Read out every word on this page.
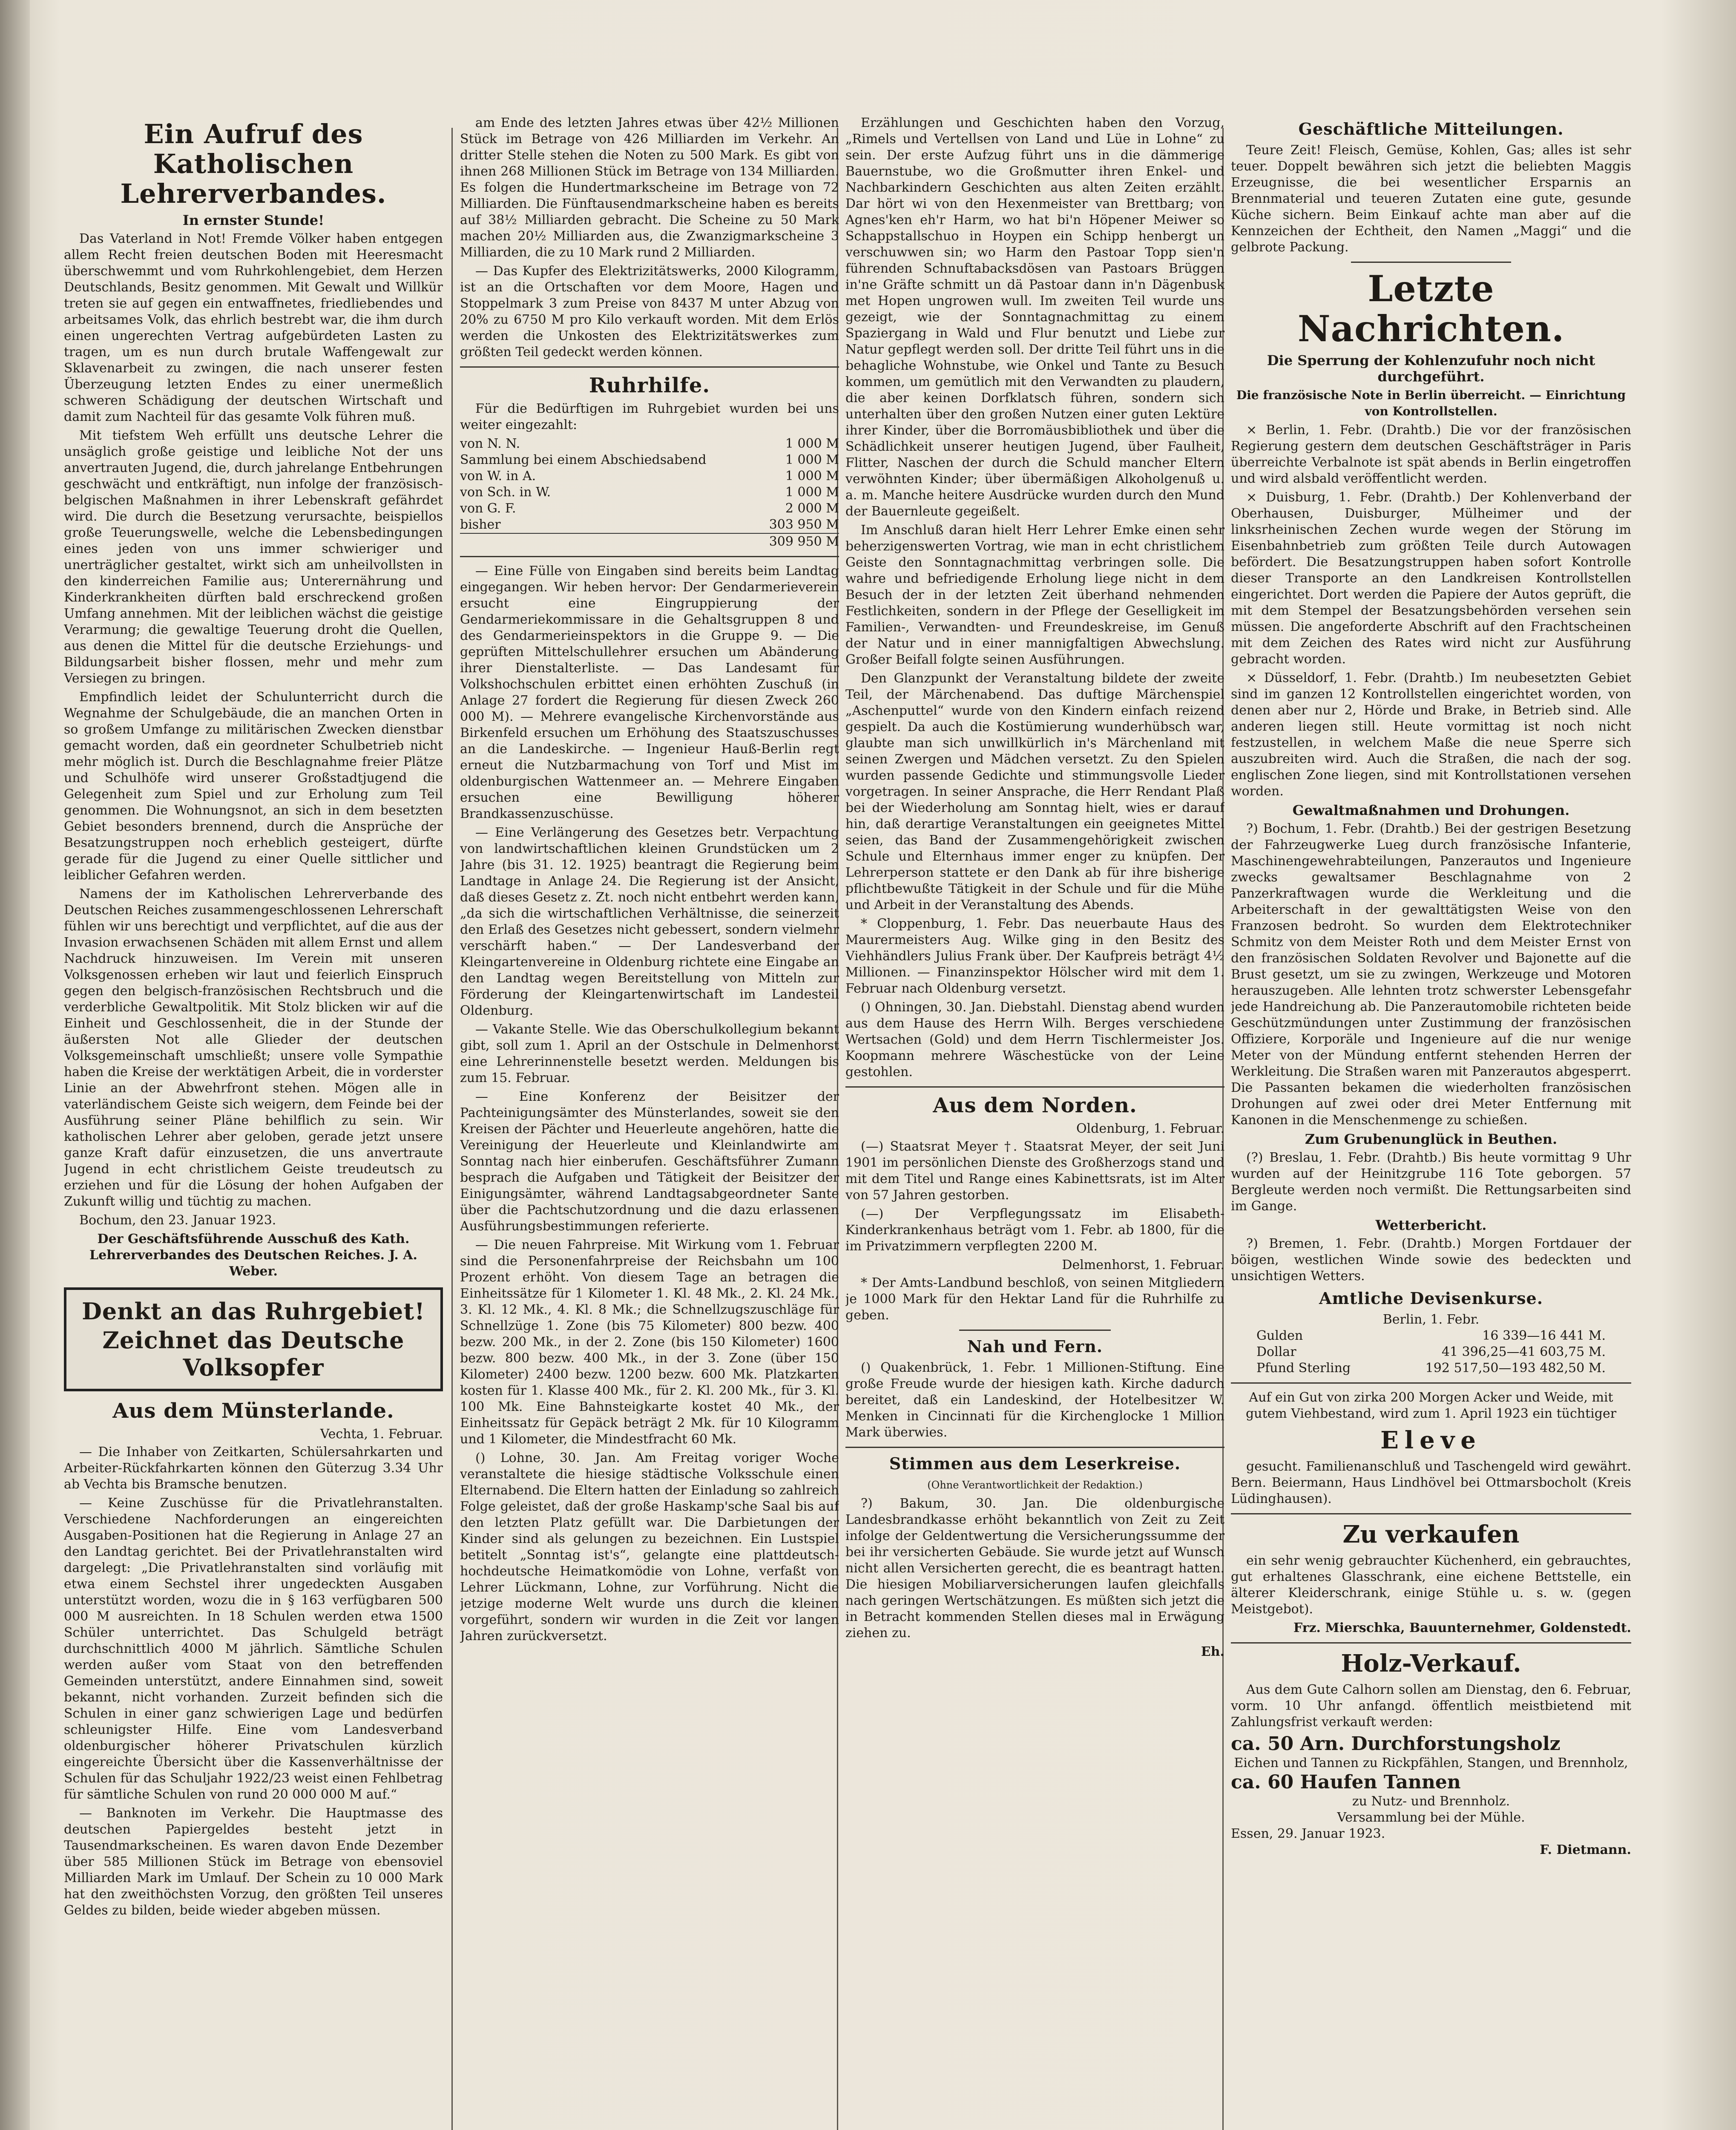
Ein Aufruf des Katholischen Lehrerverbandes.
In ernster Stunde!

Das Vaterland in Not! Fremde Völker haben entgegen allem Recht freien deutschen Boden mit Heeresmacht überschwemmt und vom Ruhrkohlengebiet, dem Herzen Deutschlands, Besitz genommen. Mit Gewalt und Willkür treten sie auf gegen ein entwaffnetes, friedliebendes und arbeitsames Volk, das ehrlich bestrebt war, die ihm durch einen ungerechten Vertrag aufgebürdeten Lasten zu tragen, um es nun durch brutale Waffengewalt zur Sklavenarbeit zu zwingen, die nach unserer festen Überzeugung letzten Endes zu einer unermeßlich schweren Schädigung der deutschen Wirtschaft und damit zum Nachteil für das gesamte Volk führen muß.

Mit tiefstem Weh erfüllt uns deutsche Lehrer die unsäglich große geistige und leibliche Not der uns anvertrauten Jugend, die, durch jahrelange Entbehrungen geschwächt und entkräftigt, nun infolge der französisch-belgischen Maßnahmen in ihrer Lebenskraft gefährdet wird. Die durch die Besetzung verursachte, beispiellos große Teuerungswelle, welche die Lebensbedingungen eines jeden von uns immer schwieriger und unerträglicher gestaltet, wirkt sich am unheilvollsten in den kinderreichen Familie aus; Unterernährung und Kinderkrankheiten dürften bald erschreckend großen Umfang annehmen. Mit der leiblichen wächst die geistige Verarmung; die gewaltige Teuerung droht die Quellen, aus denen die Mittel für die deutsche Erziehungs- und Bildungsarbeit bisher flossen, mehr und mehr zum Versiegen zu bringen.

Empfindlich leidet der Schulunterricht durch die Wegnahme der Schulgebäude, die an manchen Orten in so großem Umfange zu militärischen Zwecken dienstbar gemacht worden, daß ein geordneter Schulbetrieb nicht mehr möglich ist. Durch die Beschlagnahme freier Plätze und Schulhöfe wird unserer Großstadtjugend die Gelegenheit zum Spiel und zur Erholung zum Teil genommen. Die Wohnungsnot, an sich in dem besetzten Gebiet besonders brennend, durch die Ansprüche der Besatzungstruppen noch erheblich gesteigert, dürfte gerade für die Jugend zu einer Quelle sittlicher und leiblicher Gefahren werden.

Namens der im Katholischen Lehrerverbande des Deutschen Reiches zusammengeschlossenen Lehrerschaft fühlen wir uns berechtigt und verpflichtet, auf die aus der Invasion erwachsenen Schäden mit allem Ernst und allem Nachdruck hinzuweisen. Im Verein mit unseren Volksgenossen erheben wir laut und feierlich Einspruch gegen den belgisch-französischen Rechtsbruch und die verderbliche Gewaltpolitik. Mit Stolz blicken wir auf die Einheit und Geschlossenheit, die in der Stunde der äußersten Not alle Glieder der deutschen Volksgemeinschaft umschließt; unsere volle Sympathie haben die Kreise der werktätigen Arbeit, die in vorderster Linie an der Abwehrfront stehen. Mögen alle in vaterländischem Geiste sich weigern, dem Feinde bei der Ausführung seiner Pläne behilflich zu sein. Wir katholischen Lehrer aber geloben, gerade jetzt unsere ganze Kraft dafür einzusetzen, die uns anvertraute Jugend in echt christlichem Geiste treudeutsch zu erziehen und für die Lösung der hohen Aufgaben der Zukunft willig und tüchtig zu machen.

Bochum, den 23. Januar 1923.

Der Geschäftsführende Ausschuß des Kath. Lehrerverbandes des Deutschen Reiches. J. A. Weber.

Denkt an das Ruhrgebiet!
Zeichnet das Deutsche Volksopfer
Aus dem Münsterlande.
Vechta, 1. Februar.

— Die Inhaber von Zeitkarten, Schülersahrkarten und Arbeiter-Rückfahrkarten können den Güterzug 3.34 Uhr ab Vechta bis Bramsche benutzen.

— Keine Zuschüsse für die Privatlehranstalten. Verschiedene Nachforderungen an eingereichten Ausgaben-Positionen hat die Regierung in Anlage 27 an den Landtag gerichtet. Bei der Privatlehranstalten wird dargelegt: „Die Privatlehranstalten sind vorläufig mit etwa einem Sechstel ihrer ungedeckten Ausgaben unterstützt worden, wozu die in § 163 verfügbaren 500 000 M ausreichten. In 18 Schulen werden etwa 1500 Schüler unterrichtet. Das Schulgeld beträgt durchschnittlich 4000 M jährlich. Sämtliche Schulen werden außer vom Staat von den betreffenden Gemeinden unterstützt, andere Einnahmen sind, soweit bekannt, nicht vorhanden. Zurzeit befinden sich die Schulen in einer ganz schwierigen Lage und bedürfen schleunigster Hilfe. Eine vom Landesverband oldenburgischer höherer Privatschulen kürzlich eingereichte Übersicht über die Kassenverhältnisse der Schulen für das Schuljahr 1922/23 weist einen Fehlbetrag für sämtliche Schulen von rund 20 000 000 M auf.“

— Banknoten im Verkehr. Die Hauptmasse des deutschen Papiergeldes besteht jetzt in Tausendmarkscheinen. Es waren davon Ende Dezember über 585 Millionen Stück im Betrage von ebensoviel Milliarden Mark im Umlauf. Der Schein zu 10 000 Mark hat den zweithöchsten Vorzug, den größten Teil unseres Geldes zu bilden, beide wieder abgeben müssen.

am Ende des letzten Jahres etwas über 42½ Millionen Stück im Betrage von 426 Milliarden im Verkehr. An dritter Stelle stehen die Noten zu 500 Mark. Es gibt von ihnen 268 Millionen Stück im Betrage von 134 Milliarden. Es folgen die Hundertmarkscheine im Betrage von 72 Milliarden. Die Fünftausendmarkscheine haben es bereits auf 38½ Milliarden gebracht. Die Scheine zu 50 Mark machen 20½ Milliarden aus, die Zwanzigmarkscheine 3 Milliarden, die zu 10 Mark rund 2 Milliarden.

— Das Kupfer des Elektrizitätswerks, 2000 Kilogramm, ist an die Ortschaften vor dem Moore, Hagen und Stoppelmark 3 zum Preise von 8437 M unter Abzug von 20% zu 6750 M pro Kilo verkauft worden. Mit dem Erlös werden die Unkosten des Elektrizitätswerkes zum größten Teil gedeckt werden können.

Ruhrhilfe.

Für die Bedürftigen im Ruhrgebiet wurden bei uns weiter eingezahlt:

von N. N.	1 000 M
Sammlung bei einem Abschiedsabend	1 000 M
von W. in A.	1 000 M
von Sch. in W.	1 000 M
von G. F.	2 000 M
bisher	303 950 M
309 950 M

— Eine Fülle von Eingaben sind bereits beim Landtag eingegangen. Wir heben hervor: Der Gendarmerieverein ersucht eine Eingruppierung der Gendarmeriekommissare in die Gehaltsgruppen 8 und des Gendarmerieinspektors in die Gruppe 9. — Die geprüften Mittelschullehrer ersuchen um Abänderung ihrer Dienstalterliste. — Das Landesamt für Volkshochschulen erbittet einen erhöhten Zuschuß (in Anlage 27 fordert die Regierung für diesen Zweck 260 000 M). — Mehrere evangelische Kirchenvorstände aus Birkenfeld ersuchen um Erhöhung des Staatszuschusses an die Landeskirche. — Ingenieur Hauß-Berlin regt erneut die Nutzbarmachung von Torf und Mist im oldenburgischen Wattenmeer an. — Mehrere Eingaben ersuchen eine Bewilligung höherer Brandkassenzuschüsse.

— Eine Verlängerung des Gesetzes betr. Verpachtung von landwirtschaftlichen kleinen Grundstücken um 2 Jahre (bis 31. 12. 1925) beantragt die Regierung beim Landtage in Anlage 24. Die Regierung ist der Ansicht, daß dieses Gesetz z. Zt. noch nicht entbehrt werden kann, „da sich die wirtschaftlichen Verhältnisse, die seinerzeit den Erlaß des Gesetzes nicht gebessert, sondern vielmehr verschärft haben.“ — Der Landesverband der Kleingartenvereine in Oldenburg richtete eine Eingabe an den Landtag wegen Bereitstellung von Mitteln zur Förderung der Kleingartenwirtschaft im Landesteil Oldenburg.

— Vakante Stelle. Wie das Oberschulkollegium bekannt gibt, soll zum 1. April an der Ostschule in Delmenhorst eine Lehrerinnenstelle besetzt werden. Meldungen bis zum 15. Februar.

— Eine Konferenz der Beisitzer der Pachteinigungsämter des Münsterlandes, soweit sie den Kreisen der Pächter und Heuerleute angehören, hatte die Vereinigung der Heuerleute und Kleinlandwirte am Sonntag nach hier einberufen. Geschäftsführer Zumann besprach die Aufgaben und Tätigkeit der Beisitzer der Einigungsämter, während Landtagsabgeordneter Sante über die Pachtschutzordnung und die dazu erlassenen Ausführungsbestimmungen referierte.

— Die neuen Fahrpreise. Mit Wirkung vom 1. Februar sind die Personenfahrpreise der Reichsbahn um 100 Prozent erhöht. Von diesem Tage an betragen die Einheitssätze für 1 Kilometer 1. Kl. 48 Mk., 2. Kl. 24 Mk., 3. Kl. 12 Mk., 4. Kl. 8 Mk.; die Schnellzugszuschläge für Schnellzüge 1. Zone (bis 75 Kilometer) 800 bezw. 400 bezw. 200 Mk., in der 2. Zone (bis 150 Kilometer) 1600 bezw. 800 bezw. 400 Mk., in der 3. Zone (über 150 Kilometer) 2400 bezw. 1200 bezw. 600 Mk. Platzkarten kosten für 1. Klasse 400 Mk., für 2. Kl. 200 Mk., für 3. Kl. 100 Mk. Eine Bahnsteigkarte kostet 40 Mk., der Einheitssatz für Gepäck beträgt 2 Mk. für 10 Kilogramm und 1 Kilometer, die Mindestfracht 60 Mk.

() Lohne, 30. Jan. Am Freitag voriger Woche veranstaltete die hiesige städtische Volksschule einen Elternabend. Die Eltern hatten der Einladung so zahlreich Folge geleistet, daß der große Haskamp'sche Saal bis auf den letzten Platz gefüllt war. Die Darbietungen der Kinder sind als gelungen zu bezeichnen. Ein Lustspiel betitelt „Sonntag ist's“, gelangte eine plattdeutsch-hochdeutsche Heimatkomödie von Lohne, verfaßt von Lehrer Lückmann, Lohne, zur Vorführung. Nicht die jetzige moderne Welt wurde uns durch die kleinen vorgeführt, sondern wir wurden in die Zeit vor langen Jahren zurückversetzt.

Erzählungen und Geschichten haben den Vorzug, „Rimels und Vertellsen von Land und Lüe in Lohne“ zu sein. Der erste Aufzug führt uns in die dämmerige Bauernstube, wo die Großmutter ihren Enkel- und Nachbarkindern Geschichten aus alten Zeiten erzählt. Dar hört wi von den Hexenmeister van Brettbarg; von Agnes'ken eh'r Harm, wo hat bi'n Höpener Meiwer so Schappstallschuo in Hoypen ein Schipp henbergt un verschuwwen sin; wo Harm den Pastoar Topp sien'n führenden Schnuftabacksdösen van Pastoars Brüggen in'ne Gräfte schmitt un dä Pastoar dann in'n Dägenbusk met Hopen ungrowen wull. Im zweiten Teil wurde uns gezeigt, wie der Sonntagnachmittag zu einem Spaziergang in Wald und Flur benutzt und Liebe zur Natur gepflegt werden soll. Der dritte Teil führt uns in die behagliche Wohnstube, wie Onkel und Tante zu Besuch kommen, um gemütlich mit den Verwandten zu plaudern, die aber keinen Dorfklatsch führen, sondern sich unterhalten über den großen Nutzen einer guten Lektüre ihrer Kinder, über die Borromäusbibliothek und über die Schädlichkeit unserer heutigen Jugend, über Faulheit, Flitter, Naschen der durch die Schuld mancher Eltern verwöhnten Kinder; über übermäßigen Alkoholgenuß u. a. m. Manche heitere Ausdrücke wurden durch den Mund der Bauernleute gegeißelt.

Im Anschluß daran hielt Herr Lehrer Emke einen sehr beherzigenswerten Vortrag, wie man in echt christlichem Geiste den Sonntagnachmittag verbringen solle. Die wahre und befriedigende Erholung liege nicht in dem Besuch der in der letzten Zeit überhand nehmenden Festlichkeiten, sondern in der Pflege der Geselligkeit im Familien-, Verwandten- und Freundeskreise, im Genuß der Natur und in einer mannigfaltigen Abwechslung. Großer Beifall folgte seinen Ausführungen.

Den Glanzpunkt der Veranstaltung bildete der zweite Teil, der Märchenabend. Das duftige Märchenspiel „Aschenputtel“ wurde von den Kindern einfach reizend gespielt. Da auch die Kostümierung wunderhübsch war, glaubte man sich unwillkürlich in's Märchenland mit seinen Zwergen und Mädchen versetzt. Zu den Spielen wurden passende Gedichte und stimmungsvolle Lieder vorgetragen. In seiner Ansprache, die Herr Rendant Plaß bei der Wiederholung am Sonntag hielt, wies er darauf hin, daß derartige Veranstaltungen ein geeignetes Mittel seien, das Band der Zusammengehörigkeit zwischen Schule und Elternhaus immer enger zu knüpfen. Der Lehrerperson stattete er den Dank ab für ihre bisherige pflichtbewußte Tätigkeit in der Schule und für die Mühe und Arbeit in der Veranstaltung des Abends.

* Cloppenburg, 1. Febr. Das neuerbaute Haus des Maurermeisters Aug. Wilke ging in den Besitz des Viehhändlers Julius Frank über. Der Kaufpreis beträgt 4½ Millionen. — Finanzinspektor Hölscher wird mit dem 1. Februar nach Oldenburg versetzt.

() Ohningen, 30. Jan. Diebstahl. Dienstag abend wurden aus dem Hause des Herrn Wilh. Berges verschiedene Wertsachen (Gold) und dem Herrn Tischlermeister Jos. Koopmann mehrere Wäschestücke von der Leine gestohlen.

Aus dem Norden.
Oldenburg, 1. Februar.

(—) Staatsrat Meyer †. Staatsrat Meyer, der seit Juni 1901 im persönlichen Dienste des Großherzogs stand und mit dem Titel und Range eines Kabinettsrats, ist im Alter von 57 Jahren gestorben.

(—) Der Verpflegungssatz im Elisabeth-Kinderkrankenhaus beträgt vom 1. Febr. ab 1800, für die im Privatzimmern verpflegten 2200 M.

Delmenhorst, 1. Februar.

* Der Amts-Landbund beschloß, von seinen Mitgliedern je 1000 Mark für den Hektar Land für die Ruhrhilfe zu geben.

Nah und Fern.

() Quakenbrück, 1. Febr. 1 Millionen-Stiftung. Eine große Freude wurde der hiesigen kath. Kirche dadurch bereitet, daß ein Landeskind, der Hotelbesitzer W. Menken in Cincinnati für die Kirchenglocke 1 Million Mark überwies.

Stimmen aus dem Leserkreise.
(Ohne Verantwortlichkeit der Redaktion.)

?) Bakum, 30. Jan. Die oldenburgische Landesbrandkasse erhöht bekanntlich von Zeit zu Zeit infolge der Geldentwertung die Versicherungssumme der bei ihr versicherten Gebäude. Sie wurde jetzt auf Wunsch nicht allen Versicherten gerecht, die es beantragt hatten. Die hiesigen Mobiliarversicherungen laufen gleichfalls nach geringen Wertschätzungen. Es müßten sich jetzt die in Betracht kommenden Stellen dieses mal in Erwägung ziehen zu.

Eh.
Geschäftliche Mitteilungen.

Teure Zeit! Fleisch, Gemüse, Kohlen, Gas; alles ist sehr teuer. Doppelt bewähren sich jetzt die beliebten Maggis Erzeugnisse, die bei wesentlicher Ersparnis an Brennmaterial und teueren Zutaten eine gute, gesunde Küche sichern. Beim Einkauf achte man aber auf die Kennzeichen der Echtheit, den Namen „Maggi“ und die gelbrote Packung.

Letzte Nachrichten.
Die Sperrung der Kohlenzufuhr noch nicht durchgeführt.
Die französische Note in Berlin überreicht. — Einrichtung von Kontrollstellen.

× Berlin, 1. Febr. (Drahtb.) Die vor der französischen Regierung gestern dem deutschen Geschäftsträger in Paris überreichte Verbalnote ist spät abends in Berlin eingetroffen und wird alsbald veröffentlicht werden.

× Duisburg, 1. Febr. (Drahtb.) Der Kohlenverband der Oberhausen, Duisburger, Mülheimer und der linksrheinischen Zechen wurde wegen der Störung im Eisenbahnbetrieb zum größten Teile durch Autowagen befördert. Die Besatzungstruppen haben sofort Kontrolle dieser Transporte an den Landkreisen Kontrollstellen eingerichtet. Dort werden die Papiere der Autos geprüft, die mit dem Stempel der Besatzungsbehörden versehen sein müssen. Die angeforderte Abschrift auf den Frachtscheinen mit dem Zeichen des Rates wird nicht zur Ausführung gebracht worden.

× Düsseldorf, 1. Febr. (Drahtb.) Im neubesetzten Gebiet sind im ganzen 12 Kontrollstellen eingerichtet worden, von denen aber nur 2, Hörde und Brake, in Betrieb sind. Alle anderen liegen still. Heute vormittag ist noch nicht festzustellen, in welchem Maße die neue Sperre sich auszubreiten wird. Auch die Straßen, die nach der sog. englischen Zone liegen, sind mit Kontrollstationen versehen worden.

Gewaltmaßnahmen und Drohungen.

?) Bochum, 1. Febr. (Drahtb.) Bei der gestrigen Besetzung der Fahrzeugwerke Lueg durch französische Infanterie, Maschinengewehrabteilungen, Panzerautos und Ingenieure zwecks gewaltsamer Beschlagnahme von 2 Panzerkraftwagen wurde die Werkleitung und die Arbeiterschaft in der gewalttätigsten Weise von den Franzosen bedroht. So wurden dem Elektrotechniker Schmitz von dem Meister Roth und dem Meister Ernst von den französischen Soldaten Revolver und Bajonette auf die Brust gesetzt, um sie zu zwingen, Werkzeuge und Motoren herauszugeben. Alle lehnten trotz schwerster Lebensgefahr jede Handreichung ab. Die Panzerautomobile richteten beide Geschützmündungen unter Zustimmung der französischen Offiziere, Korporäle und Ingenieure auf die nur wenige Meter von der Mündung entfernt stehenden Herren der Werkleitung. Die Straßen waren mit Panzerautos abgesperrt. Die Passanten bekamen die wiederholten französischen Drohungen auf zwei oder drei Meter Entfernung mit Kanonen in die Menschenmenge zu schießen.

Zum Grubenunglück in Beuthen.

(?) Breslau, 1. Febr. (Drahtb.) Bis heute vormittag 9 Uhr wurden auf der Heinitzgrube 116 Tote geborgen. 57 Bergleute werden noch vermißt. Die Rettungsarbeiten sind im Gange.

Wetterbericht.

?) Bremen, 1. Febr. (Drahtb.) Morgen Fortdauer der böigen, westlichen Winde sowie des bedeckten und unsichtigen Wetters.

Amtliche Devisenkurse.
Berlin, 1. Febr.
Gulden	16 339—16 441 M.
Dollar	41 396,25—41 603,75 M.
Pfund Sterling	192 517,50—193 482,50 M.

Auf ein Gut von zirka 200 Morgen Acker und Weide, mit gutem Viehbestand, wird zum 1. April 1923 ein tüchtiger

Eleve

gesucht. Familienanschluß und Taschengeld wird gewährt. Bern. Beiermann, Haus Lindhövel bei Ottmarsbocholt (Kreis Lüdinghausen).

Zu verkaufen

ein sehr wenig gebrauchter Küchenherd, ein gebrauchtes, gut erhaltenes Glasschrank, eine eichene Bettstelle, ein älterer Kleiderschrank, einige Stühle u. s. w. (gegen Meistgebot).

Frz. Mierschka, Bauunternehmer, Goldenstedt.

Holz-Verkauf.

Aus dem Gute Calhorn sollen am Dienstag, den 6. Februar, vorm. 10 Uhr anfangd. öffentlich meistbietend mit Zahlungsfrist verkauft werden:

ca. 50 Arn. Durchforstungsholz
Eichen und Tannen zu Rickpfählen, Stangen, und Brennholz,
ca. 60 Haufen Tannen
zu Nutz- und Brennholz.
Versammlung bei der Mühle.
Essen, 29. Januar 1923.
F. Dietmann.
